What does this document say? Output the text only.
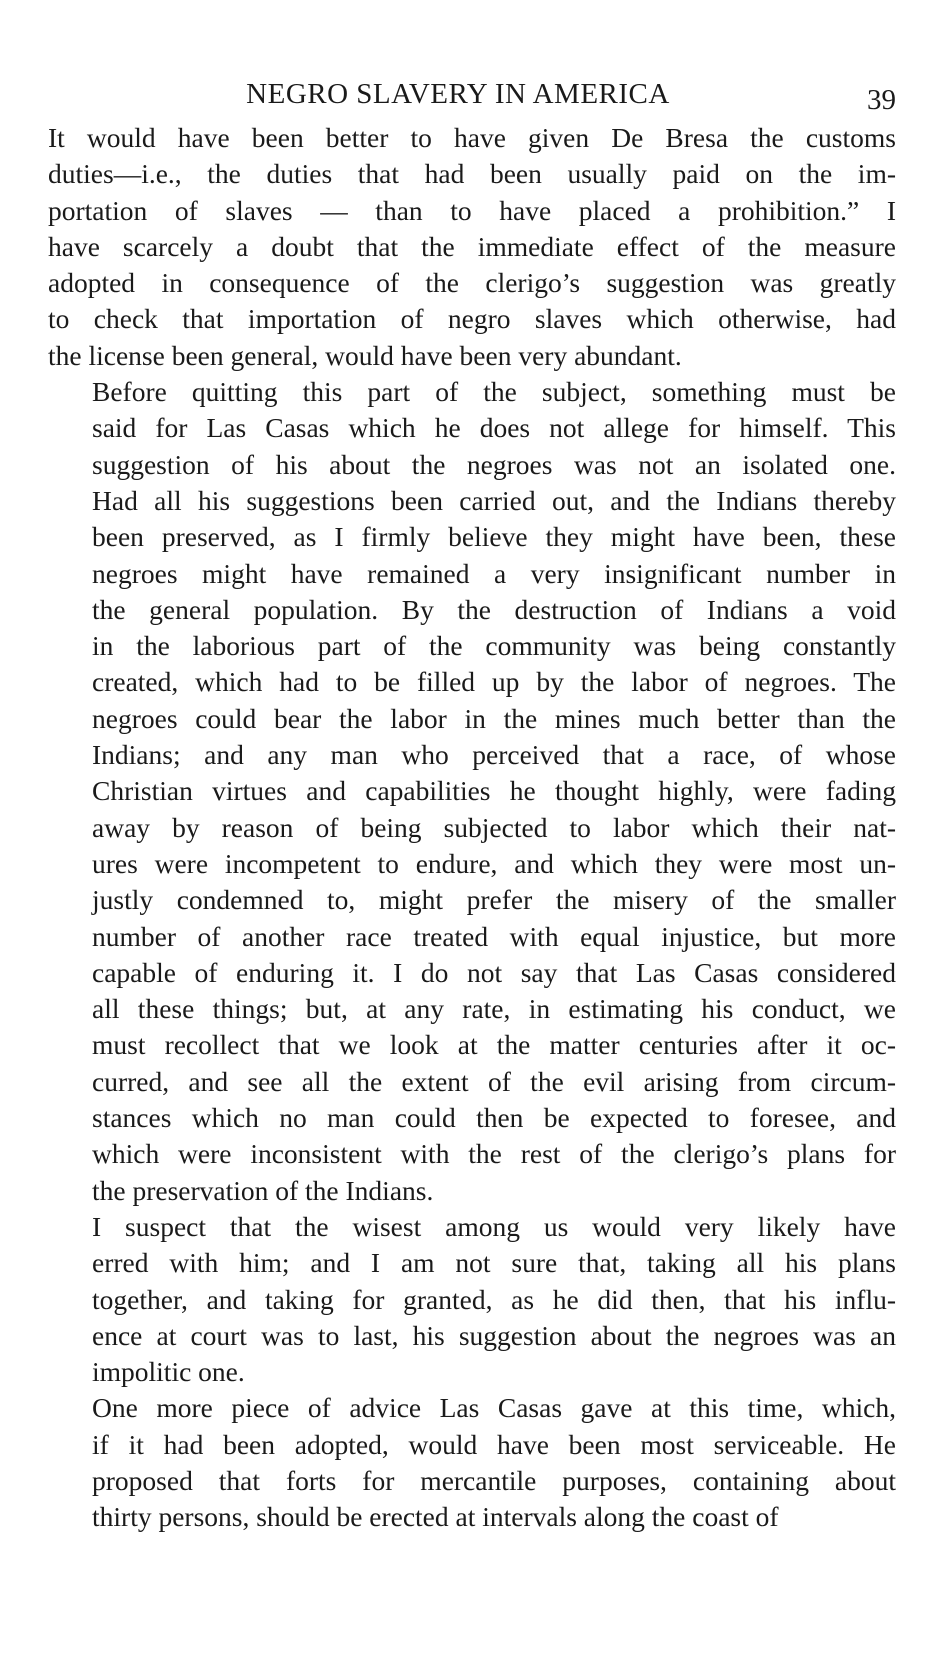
NEGRO SLAVERY IN AMERICA	39

It would have been better to have given De Bresa the customs
duties—i.e., the duties that had been usually paid on the im-
portation of slaves — than to have placed a prohibition.” I
have scarcely a doubt that the immediate effect of the measure
adopted in consequence of the clerigo’s suggestion was greatly
to check that importation of negro slaves which otherwise, had
the license been general, would have been very abundant.

Before quitting this part of the subject, something must be
said for Las Casas which he does not allege for himself. This
suggestion of his about the negroes was not an isolated one.
Had all his suggestions been carried out, and the Indians thereby
been preserved, as I firmly believe they might have been, these
negroes might have remained a very insignificant number in
the general population. By the destruction of Indians a void
in the laborious part of the community was being constantly
created, which had to be filled up by the labor of negroes. The
negroes could bear the labor in the mines much better than the
Indians; and any man who perceived that a race, of whose
Christian virtues and capabilities he thought highly, were fading
away by reason of being subjected to labor which their nat-
ures were incompetent to endure, and which they were most un-
justly condemned to, might prefer the misery of the smaller
number of another race treated with equal injustice, but more
capable of enduring it. I do not say that Las Casas considered
all these things; but, at any rate, in estimating his conduct, we
must recollect that we look at the matter centuries after it oc-
curred, and see all the extent of the evil arising from circum-
stances which no man could then be expected to foresee, and
which were inconsistent with the rest of the clerigo’s plans for
the preservation of the Indians.

I suspect that the wisest among us would very likely have
erred with him; and I am not sure that, taking all his plans
together, and taking for granted, as he did then, that his influ-
ence at court was to last, his suggestion about the negroes was an
impolitic one.

One more piece of advice Las Casas gave at this time, which,
if it had been adopted, would have been most serviceable. He
proposed that forts for mercantile purposes, containing about
thirty persons, should be erected at intervals along the coast of
